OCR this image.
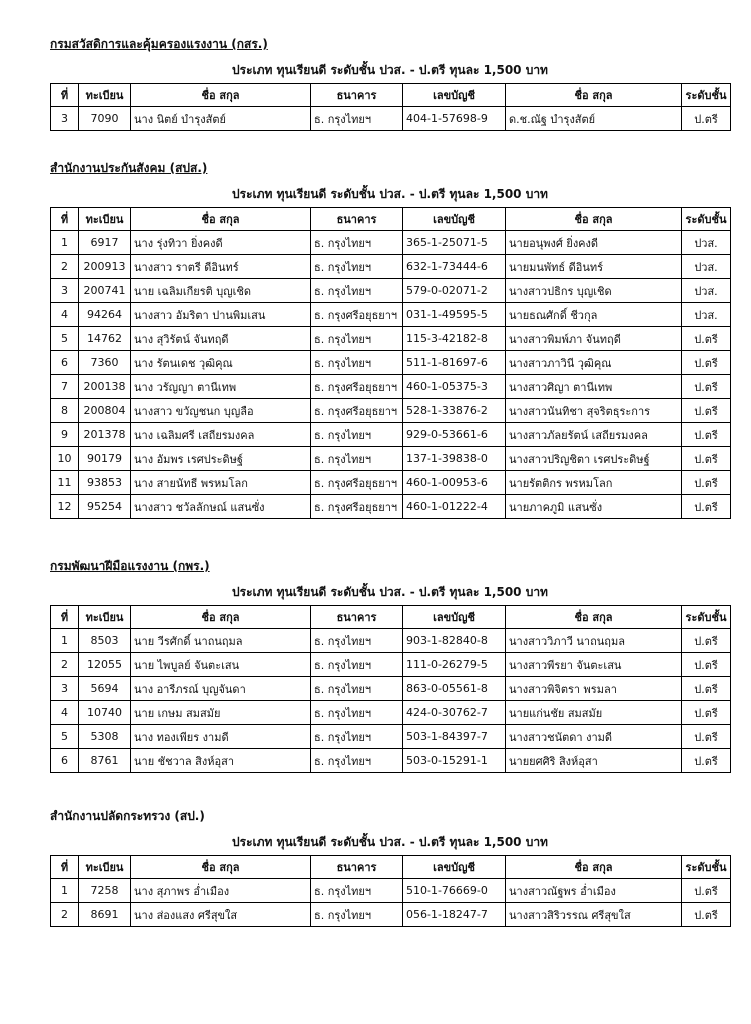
กรมสวัสดิการและคุ้มครองแรงงาน (กสร.)
ประเภท ทุนเรียนดี ระดับชั้น ปวส. - ป.ตรี ทุนละ 1,500 บาท
ที่	ทะเบียน	ชื่อ สกุล	ธนาคาร	เลขบัญชี	ชื่อ สกุล	ระดับชั้น
3	7090	นาง นิตย์ บำรุงสัตย์	ธ. กรุงไทยฯ	404-1-57698-9	ด.ช.ณัฐ บำรุงสัตย์	ป.ตรี
สำนักงานประกันสังคม (สปส.)
ประเภท ทุนเรียนดี ระดับชั้น ปวส. - ป.ตรี ทุนละ 1,500 บาท
ที่	ทะเบียน	ชื่อ สกุล	ธนาคาร	เลขบัญชี	ชื่อ สกุล	ระดับชั้น
1	6917	นาง รุ่งทิวา ยิ่งคงดี	ธ. กรุงไทยฯ	365-1-25071-5	นายอนุพงศ์ ยิ่งคงดี	ปวส.
2	200913	นางสาว ราตรี ดีอินทร์	ธ. กรุงไทยฯ	632-1-73444-6	นายมนพัทธ์ ดีอินทร์	ปวส.
3	200741	นาย เฉลิมเกียรติ บุญเชิด	ธ. กรุงไทยฯ	579-0-02071-2	นางสาวปธิกร บุญเชิด	ปวส.
4	94264	นางสาว อัมริตา ปานพิมเสน	ธ. กรุงศรีอยุธยาฯ	031-1-49595-5	นายธณศักดิ์ ชีวกุล	ปวส.
5	14762	นาง สุวิรัตน์ จันทฤดี	ธ. กรุงไทยฯ	115-3-42182-8	นางสาวพิมพ์ภา จันทฤดี	ป.ตรี
6	7360	นาง รัตนเดช วุฒิคุณ	ธ. กรุงไทยฯ	511-1-81697-6	นางสาวภาวินี วุฒิคุณ	ป.ตรี
7	200138	นาง วรัญญา ตานีเทพ	ธ. กรุงศรีอยุธยาฯ	460-1-05375-3	นางสาวศิญา ตานีเทพ	ป.ตรี
8	200804	นางสาว ขวัญชนก บุญลือ	ธ. กรุงศรีอยุธยาฯ	528-1-33876-2	นางสาวนันทิชา สุจริตธุระการ	ป.ตรี
9	201378	นาง เฉลิมศรี เสถียรมงคล	ธ. กรุงไทยฯ	929-0-53661-6	นางสาวภัลยรัตน์ เสถียรมงคล	ป.ตรี
10	90179	นาง อัมพร เรศประดิษฐ์	ธ. กรุงไทยฯ	137-1-39838-0	นางสาวปริญชิตา เรศประดิษฐ์	ป.ตรี
11	93853	นาง สายนัทธี พรหมโลก	ธ. กรุงศรีอยุธยาฯ	460-1-00953-6	นายรัตติกร พรหมโลก	ป.ตรี
12	95254	นางสาว ชวัลลักษณ์ แสนซั่ง	ธ. กรุงศรีอยุธยาฯ	460-1-01222-4	นายภาคภูมิ แสนซั่ง	ป.ตรี
กรมพัฒนาฝีมือแรงงาน (กพร.)
ประเภท ทุนเรียนดี ระดับชั้น ปวส. - ป.ตรี ทุนละ 1,500 บาท
ที่	ทะเบียน	ชื่อ สกุล	ธนาคาร	เลขบัญชี	ชื่อ สกุล	ระดับชั้น
1	8503	นาย วีรศักดิ์ นาถนฤมล	ธ. กรุงไทยฯ	903-1-82840-8	นางสาววิภาวี นาถนฤมล	ป.ตรี
2	12055	นาย ไพบูลย์ จันตะเสน	ธ. กรุงไทยฯ	111-0-26279-5	นางสาวพีรยา จันตะเสน	ป.ตรี
3	5694	นาง อารีภรณ์ บุญจันดา	ธ. กรุงไทยฯ	863-0-05561-8	นางสาวพิจิตรา พรมลา	ป.ตรี
4	10740	นาย เกษม สมสมัย	ธ. กรุงไทยฯ	424-0-30762-7	นายแก่นชัย สมสมัย	ป.ตรี
5	5308	นาง ทองเพียร งามดี	ธ. กรุงไทยฯ	503-1-84397-7	นางสาวชนัตดา งามดี	ป.ตรี
6	8761	นาย ชัชวาล สิงห์อุสา	ธ. กรุงไทยฯ	503-0-15291-1	นายยศศิริ สิงห์อุสา	ป.ตรี
สำนักงานปลัดกระทรวง (สป.)
ประเภท ทุนเรียนดี ระดับชั้น ปวส. - ป.ตรี ทุนละ 1,500 บาท
ที่	ทะเบียน	ชื่อ สกุล	ธนาคาร	เลขบัญชี	ชื่อ สกุล	ระดับชั้น
1	7258	นาง สุภาพร อ่ำเมือง	ธ. กรุงไทยฯ	510-1-76669-0	นางสาวณัฐพร อ่ำเมือง	ป.ตรี
2	8691	นาง ส่องแสง ศรีสุขใส	ธ. กรุงไทยฯ	056-1-18247-7	นางสาวสิริวรรณ ศรีสุขใส	ป.ตรี
